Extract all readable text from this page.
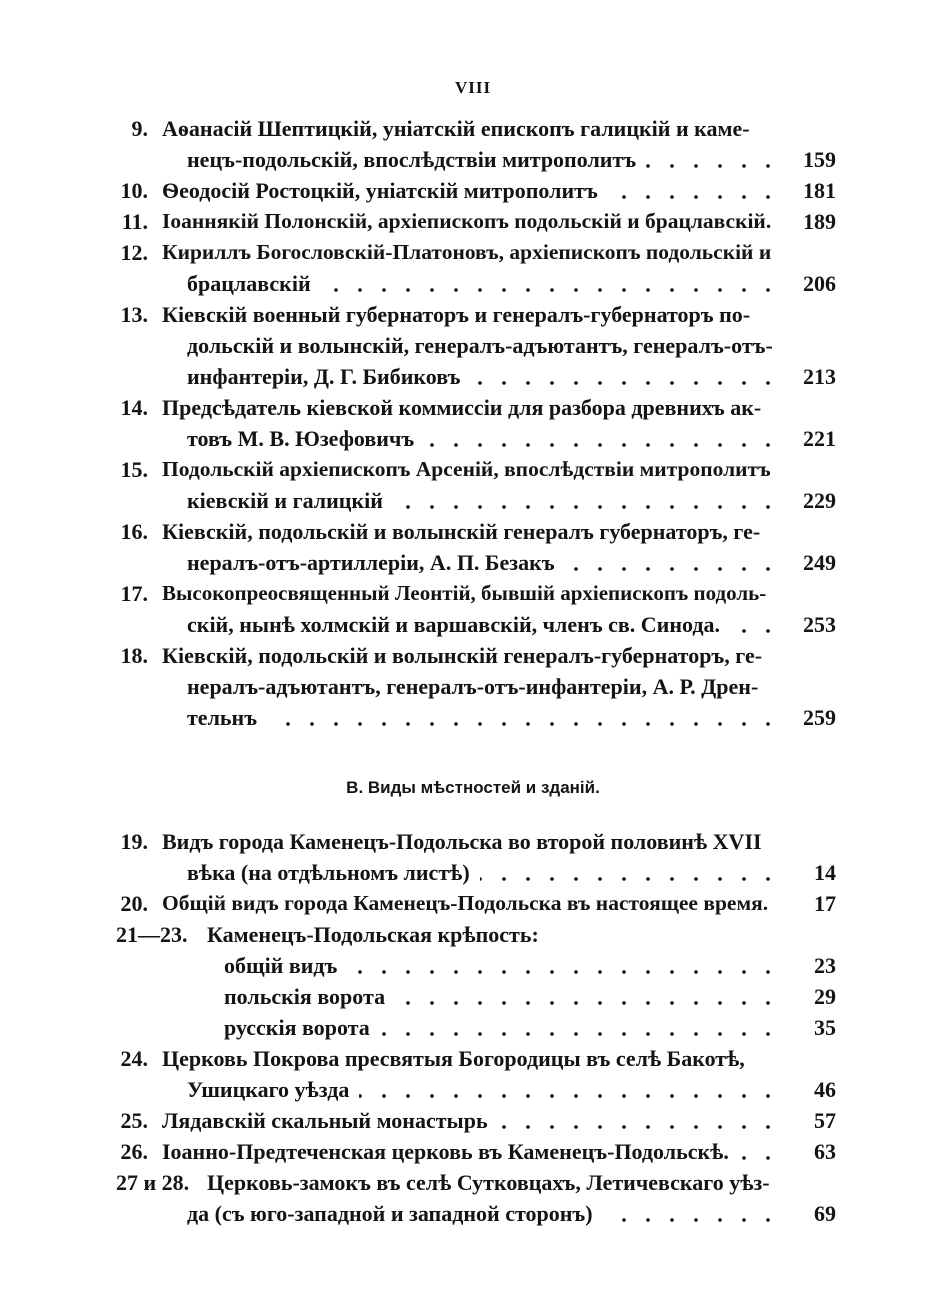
VIII
9. Аѳанасій Шептицкій, уніатскій епископъ галицкій и каме-
нецъ-подольскій, впослѣдствіи митрополитъ	159
10. Ѳеодосій Ростоцкій, уніатскій митрополитъ	181
11. Іоаннякій Полонскій, архіепископъ подольскій и брацлавскій. 189
12. Кириллъ Богословскій-Платоновъ, архіепископъ подольскій и
брацлавскій	206
13. Кіевскій военный губернаторъ и генералъ-губернаторъ по-
дольскій и волынскій, генералъ-адъютантъ, генералъ-отъ-
инфантеріи, Д. Г. Бибиковъ	213
14. Предсѣдатель кіевской коммиссіи для разбора древнихъ ак-
товъ М. В. Юзефовичъ	221
15. Подольскій архіепископъ Арсеній, впослѣдствіи митрополитъ
кіевскій и галицкій	229
16. Кіевскій, подольскій и волынскій генералъ губернаторъ, ге-
нералъ-отъ-артиллеріи, А. П. Безакъ	249
17. Высокопреосвященный Леонтій, бывшій архіепископъ подоль-
скій, нынѣ холмскій и варшавскій, членъ св. Синода.	253
18. Кіевскій, подольскій и волынскій генералъ-губернаторъ, ге-
нералъ-адъютантъ, генералъ-отъ-инфантеріи, А. Р. Дрен-
тельнъ	259
В. Виды мѣстностей и зданій.
19. Видъ города Каменецъ-Подольска во второй половинѣ XVII
вѣка (на отдѣльномъ листѣ)	14
20. Общій видъ города Каменецъ-Подольска въ настоящее время. 17
21—23. Каменецъ-Подольская крѣпость:
общій видъ	23
польскія ворота	29
русскія ворота	35
24. Церковь Покрова пресвятыя Богородицы въ селѣ Бакотѣ,
Ушицкаго уѣзда	46
25. Лядавскій скальный монастырь	57
26. Іоанно-Предтеченская церковь въ Каменецъ-Подольскѣ.	63
27 и 28. Церковь-замокъ въ селѣ Сутковцахъ, Летичевскаго уѣз-
да (съ юго-западной и западной сторонъ)	69
